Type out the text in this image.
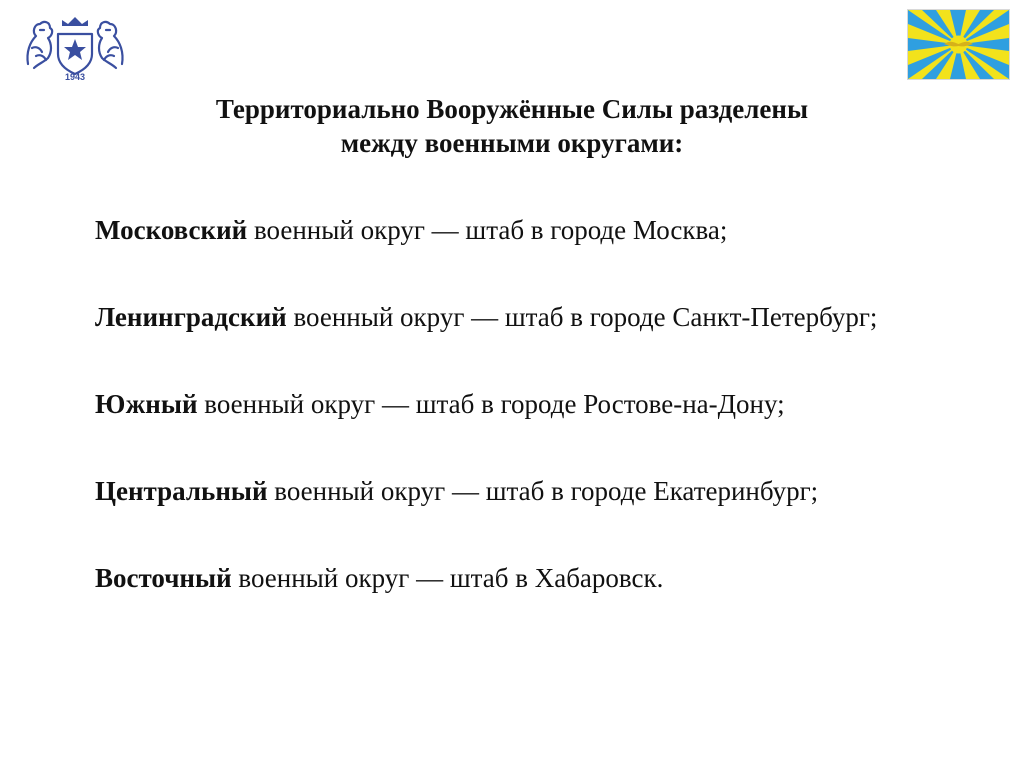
1943
Территориально Вооружённые Силы разделены
между военными округами:

Московский военный округ — штаб в городе Москва;

Ленинградский военный округ — штаб в городе Санкт-Петербург;

Южный военный округ — штаб в городе Ростове-на-Дону;

Центральный военный округ — штаб в городе Екатеринбург;

Восточный военный округ — штаб в Хабаровск.
